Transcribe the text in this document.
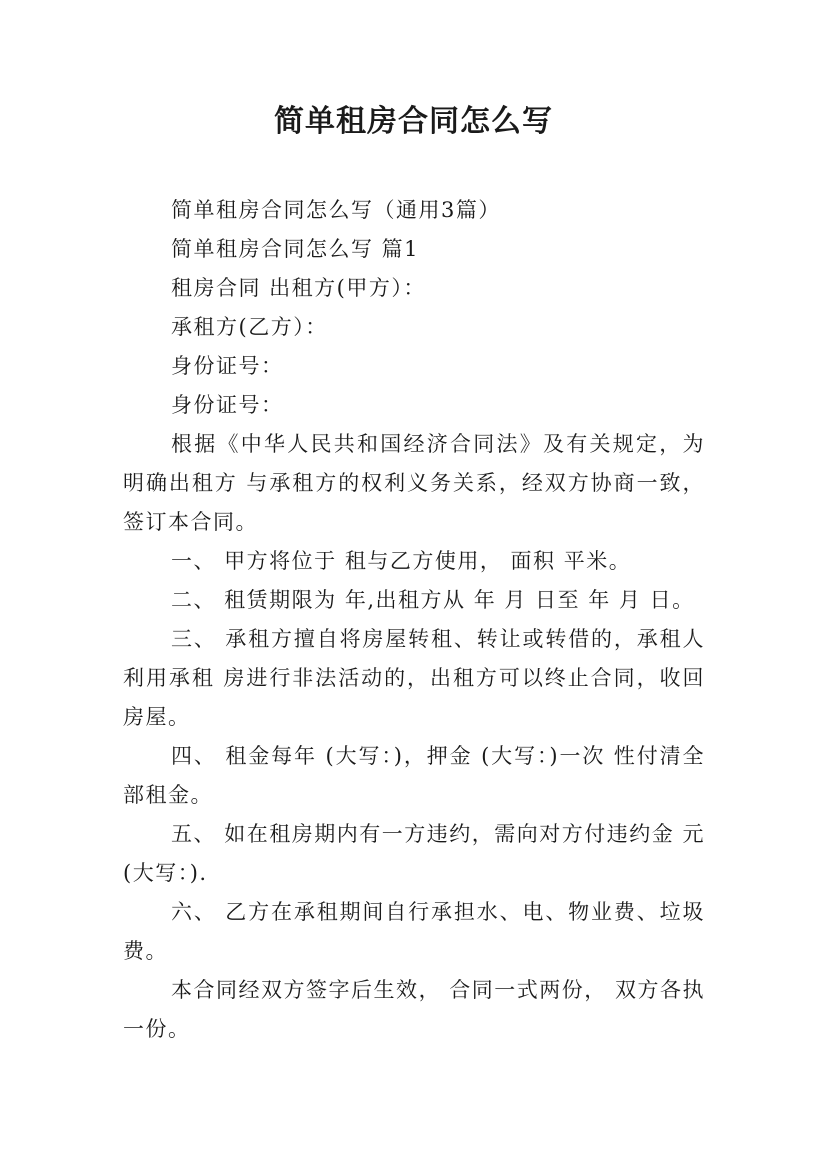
简单租房合同怎么写

简单租房合同怎么写（通用3篇）

简单租房合同怎么写 篇1

租房合同 出租方(甲方）：

承租方(乙方）：

身份证号：

身份证号：

根据《中华人民共和国经济合同法》及有关规定，为明确出租方 与承租方的权利义务关系，经双方协商一致，签订本合同。

一、 甲方将位于 租与乙方使用， 面积 平米。

二、 租赁期限为 年,出租方从 年 月 日至 年 月 日。

三、 承租方擅自将房屋转租、转让或转借的，承租人利用承租 房进行非法活动的，出租方可以终止合同，收回房屋。

四、 租金每年 (大写：)，押金 (大写：)一次 性付清全部租金。

五、 如在租房期内有一方违约，需向对方付违约金 元(大写：).

六、 乙方在承租期间自行承担水、电、物业费、垃圾费。

本合同经双方签字后生效， 合同一式两份， 双方各执一份。
